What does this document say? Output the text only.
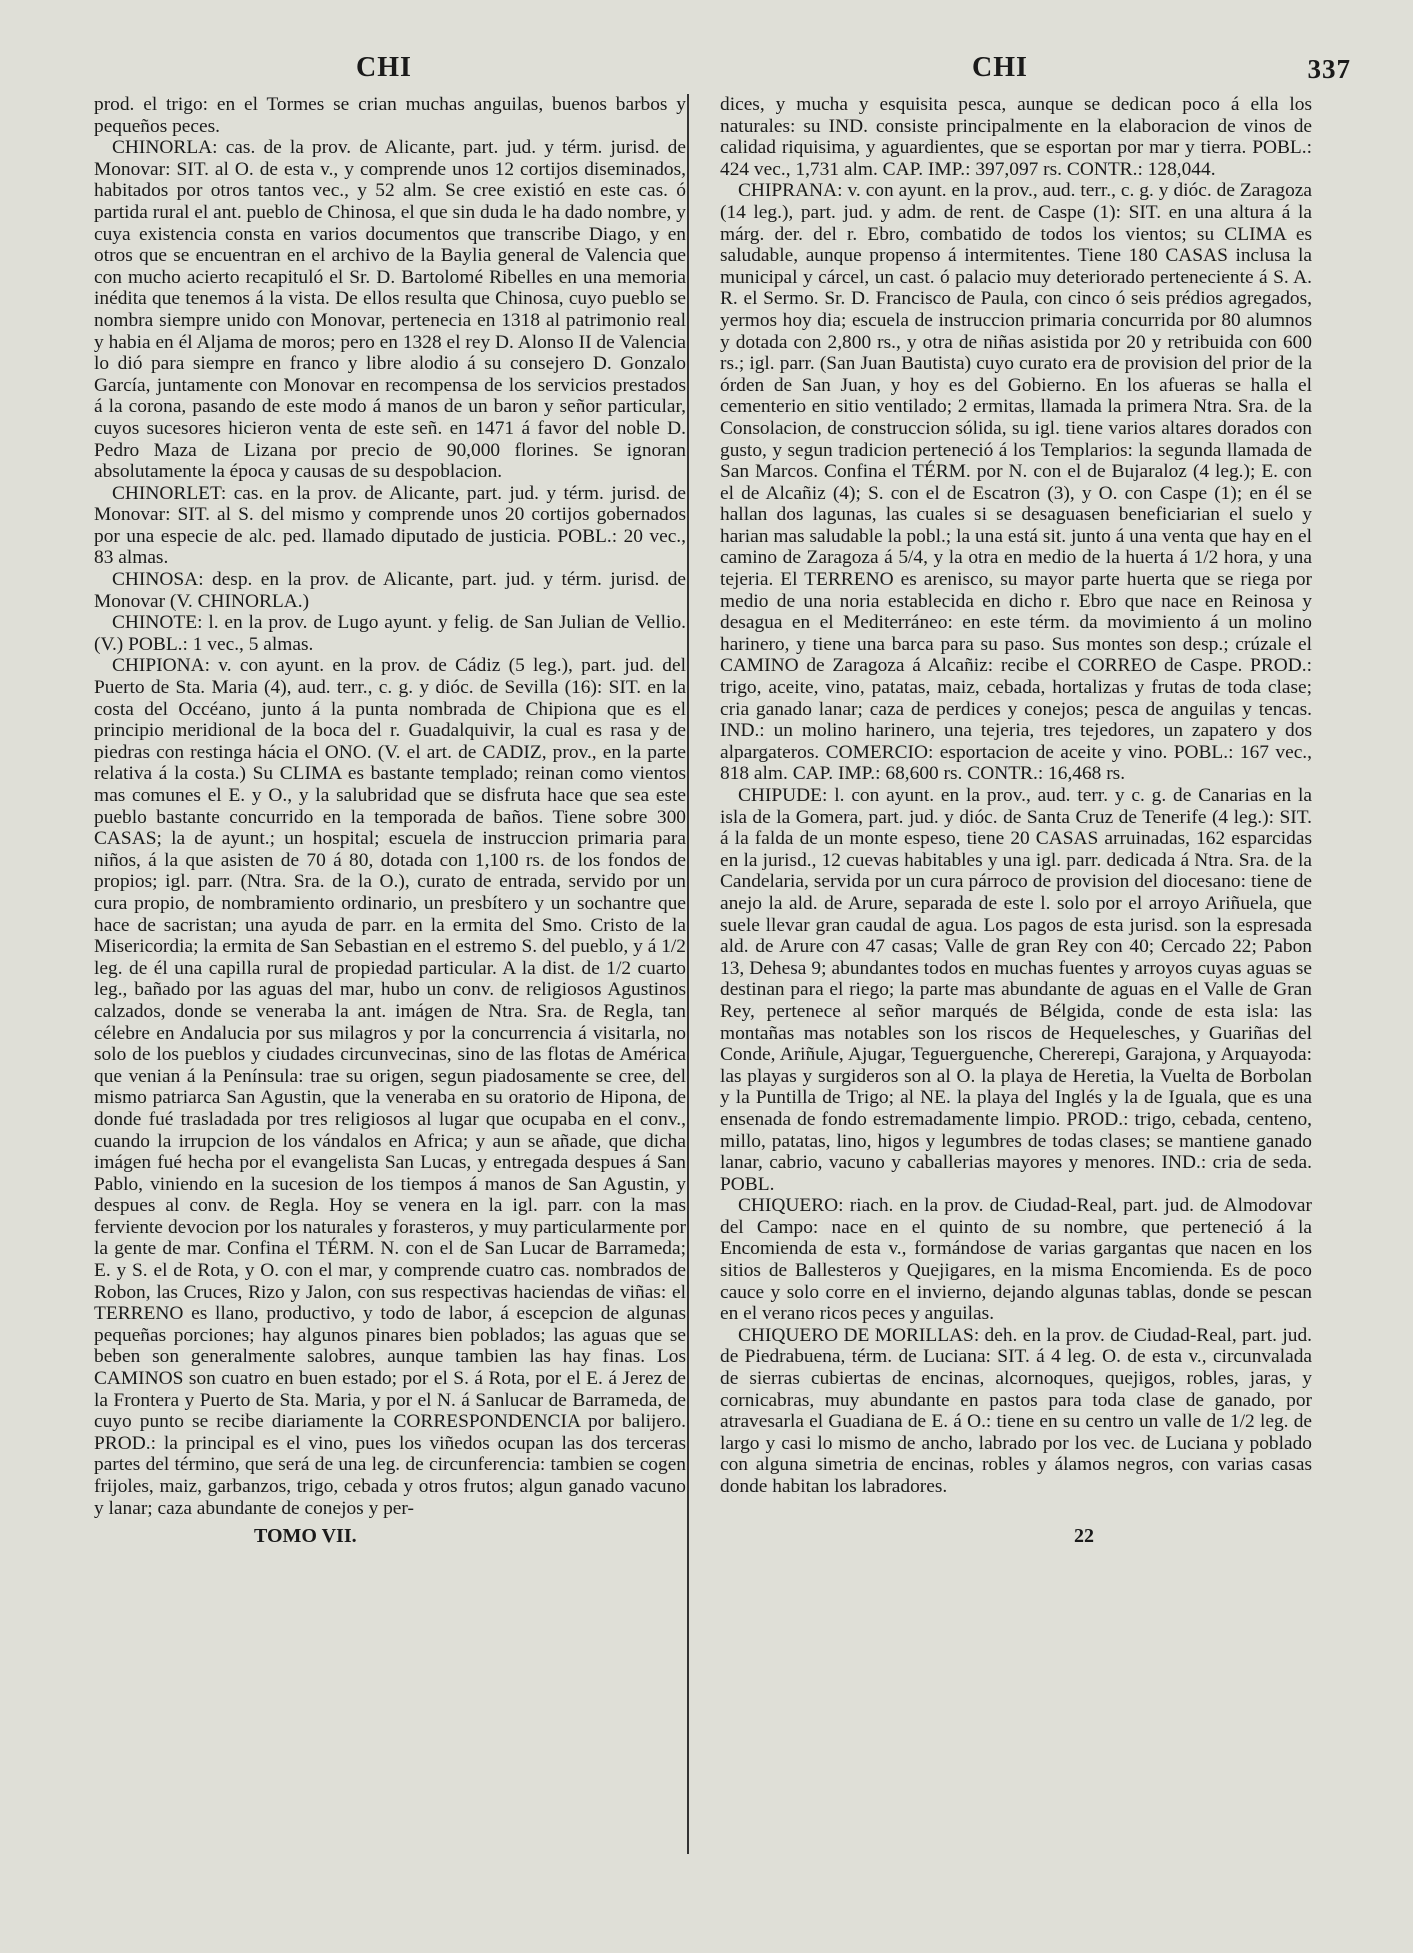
CHI	CHI	337

prod. el trigo: en el Tormes se crian muchas anguilas, buenos barbos y pequeños peces.

CHINORLA: cas. de la prov. de Alicante, part. jud. y térm. jurisd. de Monovar: SIT. al O. de esta v., y comprende unos 12 cortijos diseminados, habitados por otros tantos vec., y 52 alm. Se cree existió en este cas. ó partida rural el ant. pueblo de Chinosa, el que sin duda le ha dado nombre, y cuya existencia consta en varios documentos que transcribe Diago, y en otros que se encuentran en el archivo de la Baylia general de Valencia que con mucho acierto recapituló el Sr. D. Bartolomé Ribelles en una memoria inédita que tenemos á la vista. De ellos resulta que Chinosa, cuyo pueblo se nombra siempre unido con Monovar, pertenecia en 1318 al patrimonio real y habia en él Aljama de moros; pero en 1328 el rey D. Alonso II de Valencia lo dió para siempre en franco y libre alodio á su consejero D. Gonzalo García, juntamente con Monovar en recompensa de los servicios prestados á la corona, pasando de este modo á manos de un baron y señor particular, cuyos sucesores hicieron venta de este señ. en 1471 á favor del noble D. Pedro Maza de Lizana por precio de 90,000 florines. Se ignoran absolutamente la época y causas de su despoblacion.

CHINORLET: cas. en la prov. de Alicante, part. jud. y térm. jurisd. de Monovar: SIT. al S. del mismo y comprende unos 20 cortijos gobernados por una especie de alc. ped. llamado diputado de justicia. POBL.: 20 vec., 83 almas.

CHINOSA: desp. en la prov. de Alicante, part. jud. y térm. jurisd. de Monovar (V. CHINORLA.)

CHINOTE: l. en la prov. de Lugo ayunt. y felig. de San Julian de Vellio. (V.) POBL.: 1 vec., 5 almas.

CHIPIONA: v. con ayunt. en la prov. de Cádiz (5 leg.), part. jud. del Puerto de Sta. Maria (4), aud. terr., c. g. y dióc. de Sevilla (16): SIT. en la costa del Occéano, junto á la punta nombrada de Chipiona que es el principio meridional de la boca del r. Guadalquivir, la cual es rasa y de piedras con restinga hácia el ONO. (V. el art. de CADIZ, prov., en la parte relativa á la costa.) Su CLIMA es bastante templado; reinan como vientos mas comunes el E. y O., y la salubridad que se disfruta hace que sea este pueblo bastante concurrido en la temporada de baños. Tiene sobre 300 CASAS; la de ayunt.; un hospital; escuela de instruccion primaria para niños, á la que asisten de 70 á 80, dotada con 1,100 rs. de los fondos de propios; igl. parr. (Ntra. Sra. de la O.), curato de entrada, servido por un cura propio, de nombramiento ordinario, un presbítero y un sochantre que hace de sacristan; una ayuda de parr. en la ermita del Smo. Cristo de la Misericordia; la ermita de San Sebastian en el estremo S. del pueblo, y á 1/2 leg. de él una capilla rural de propiedad particular. A la dist. de 1/2 cuarto leg., bañado por las aguas del mar, hubo un conv. de religiosos Agustinos calzados, donde se veneraba la ant. imágen de Ntra. Sra. de Regla, tan célebre en Andalucia por sus milagros y por la concurrencia á visitarla, no solo de los pueblos y ciudades circunvecinas, sino de las flotas de América que venian á la Península: trae su origen, segun piadosamente se cree, del mismo patriarca San Agustin, que la veneraba en su oratorio de Hipona, de donde fué trasladada por tres religiosos al lugar que ocupaba en el conv., cuando la irrupcion de los vándalos en Africa; y aun se añade, que dicha imágen fué hecha por el evangelista San Lucas, y entregada despues á San Pablo, viniendo en la sucesion de los tiempos á manos de San Agustin, y despues al conv. de Regla. Hoy se venera en la igl. parr. con la mas ferviente devocion por los naturales y forasteros, y muy particularmente por la gente de mar. Confina el TÉRM. N. con el de San Lucar de Barrameda; E. y S. el de Rota, y O. con el mar, y comprende cuatro cas. nombrados de Robon, las Cruces, Rizo y Jalon, con sus respectivas haciendas de viñas: el TERRENO es llano, productivo, y todo de labor, á escepcion de algunas pequeñas porciones; hay algunos pinares bien poblados; las aguas que se beben son generalmente salobres, aunque tambien las hay finas. Los CAMINOS son cuatro en buen estado; por el S. á Rota, por el E. á Jerez de la Frontera y Puerto de Sta. Maria, y por el N. á Sanlucar de Barrameda, de cuyo punto se recibe diariamente la CORRESPONDENCIA por balijero. PROD.: la principal es el vino, pues los viñedos ocupan las dos terceras partes del término, que será de una leg. de circunferencia: tambien se cogen frijoles, maiz, garbanzos, trigo, cebada y otros frutos; algun ganado vacuno y lanar; caza abundante de conejos y per-

dices, y mucha y esquisita pesca, aunque se dedican poco á ella los naturales: su IND. consiste principalmente en la elaboracion de vinos de calidad riquisima, y aguardientes, que se esportan por mar y tierra. POBL.: 424 vec., 1,731 alm. CAP. IMP.: 397,097 rs. CONTR.: 128,044.

CHIPRANA: v. con ayunt. en la prov., aud. terr., c. g. y dióc. de Zaragoza (14 leg.), part. jud. y adm. de rent. de Caspe (1): SIT. en una altura á la márg. der. del r. Ebro, combatido de todos los vientos; su CLIMA es saludable, aunque propenso á intermitentes. Tiene 180 CASAS inclusa la municipal y cárcel, un cast. ó palacio muy deteriorado perteneciente á S. A. R. el Sermo. Sr. D. Francisco de Paula, con cinco ó seis prédios agregados, yermos hoy dia; escuela de instruccion primaria concurrida por 80 alumnos y dotada con 2,800 rs., y otra de niñas asistida por 20 y retribuida con 600 rs.; igl. parr. (San Juan Bautista) cuyo curato era de provision del prior de la órden de San Juan, y hoy es del Gobierno. En los afueras se halla el cementerio en sitio ventilado; 2 ermitas, llamada la primera Ntra. Sra. de la Consolacion, de construccion sólida, su igl. tiene varios altares dorados con gusto, y segun tradicion perteneció á los Templarios: la segunda llamada de San Marcos. Confina el TÉRM. por N. con el de Bujaraloz (4 leg.); E. con el de Alcañiz (4); S. con el de Escatron (3), y O. con Caspe (1); en él se hallan dos lagunas, las cuales si se desaguasen beneficiarian el suelo y harian mas saludable la pobl.; la una está sit. junto á una venta que hay en el camino de Zaragoza á 5/4, y la otra en medio de la huerta á 1/2 hora, y una tejeria. El TERRENO es arenisco, su mayor parte huerta que se riega por medio de una noria establecida en dicho r. Ebro que nace en Reinosa y desagua en el Mediterráneo: en este térm. da movimiento á un molino harinero, y tiene una barca para su paso. Sus montes son desp.; crúzale el CAMINO de Zaragoza á Alcañiz: recibe el CORREO de Caspe. PROD.: trigo, aceite, vino, patatas, maiz, cebada, hortalizas y frutas de toda clase; cria ganado lanar; caza de perdices y conejos; pesca de anguilas y tencas. IND.: un molino harinero, una tejeria, tres tejedores, un zapatero y dos alpargateros. COMERCIO: esportacion de aceite y vino. POBL.: 167 vec., 818 alm. CAP. IMP.: 68,600 rs. CONTR.: 16,468 rs.

CHIPUDE: l. con ayunt. en la prov., aud. terr. y c. g. de Canarias en la isla de la Gomera, part. jud. y dióc. de Santa Cruz de Tenerife (4 leg.): SIT. á la falda de un monte espeso, tiene 20 CASAS arruinadas, 162 esparcidas en la jurisd., 12 cuevas habitables y una igl. parr. dedicada á Ntra. Sra. de la Candelaria, servida por un cura párroco de provision del diocesano: tiene de anejo la ald. de Arure, separada de este l. solo por el arroyo Ariñuela, que suele llevar gran caudal de agua. Los pagos de esta jurisd. son la espresada ald. de Arure con 47 casas; Valle de gran Rey con 40; Cercado 22; Pabon 13, Dehesa 9; abundantes todos en muchas fuentes y arroyos cuyas aguas se destinan para el riego; la parte mas abundante de aguas en el Valle de Gran Rey, pertenece al señor marqués de Bélgida, conde de esta isla: las montañas mas notables son los riscos de Hequelesches, y Guariñas del Conde, Ariñule, Ajugar, Teguerguenche, Chererepi, Garajona, y Arquayoda: las playas y surgideros son al O. la playa de Heretia, la Vuelta de Borbolan y la Puntilla de Trigo; al NE. la playa del Inglés y la de Iguala, que es una ensenada de fondo estremadamente limpio. PROD.: trigo, cebada, centeno, millo, patatas, lino, higos y legumbres de todas clases; se mantiene ganado lanar, cabrio, vacuno y caballerias mayores y menores. IND.: cria de seda. POBL.

CHIQUERO: riach. en la prov. de Ciudad-Real, part. jud. de Almodovar del Campo: nace en el quinto de su nombre, que perteneció á la Encomienda de esta v., formándose de varias gargantas que nacen en los sitios de Ballesteros y Quejigares, en la misma Encomienda. Es de poco cauce y solo corre en el invierno, dejando algunas tablas, donde se pescan en el verano ricos peces y anguilas.

CHIQUERO DE MORILLAS: deh. en la prov. de Ciudad-Real, part. jud. de Piedrabuena, térm. de Luciana: SIT. á 4 leg. O. de esta v., circunvalada de sierras cubiertas de encinas, alcornoques, quejigos, robles, jaras, y cornicabras, muy abundante en pastos para toda clase de ganado, por atravesarla el Guadiana de E. á O.: tiene en su centro un valle de 1/2 leg. de largo y casi lo mismo de ancho, labrado por los vec. de Luciana y poblado con alguna simetria de encinas, robles y álamos negros, con varias casas donde habitan los labradores.

TOMO VII.	22
